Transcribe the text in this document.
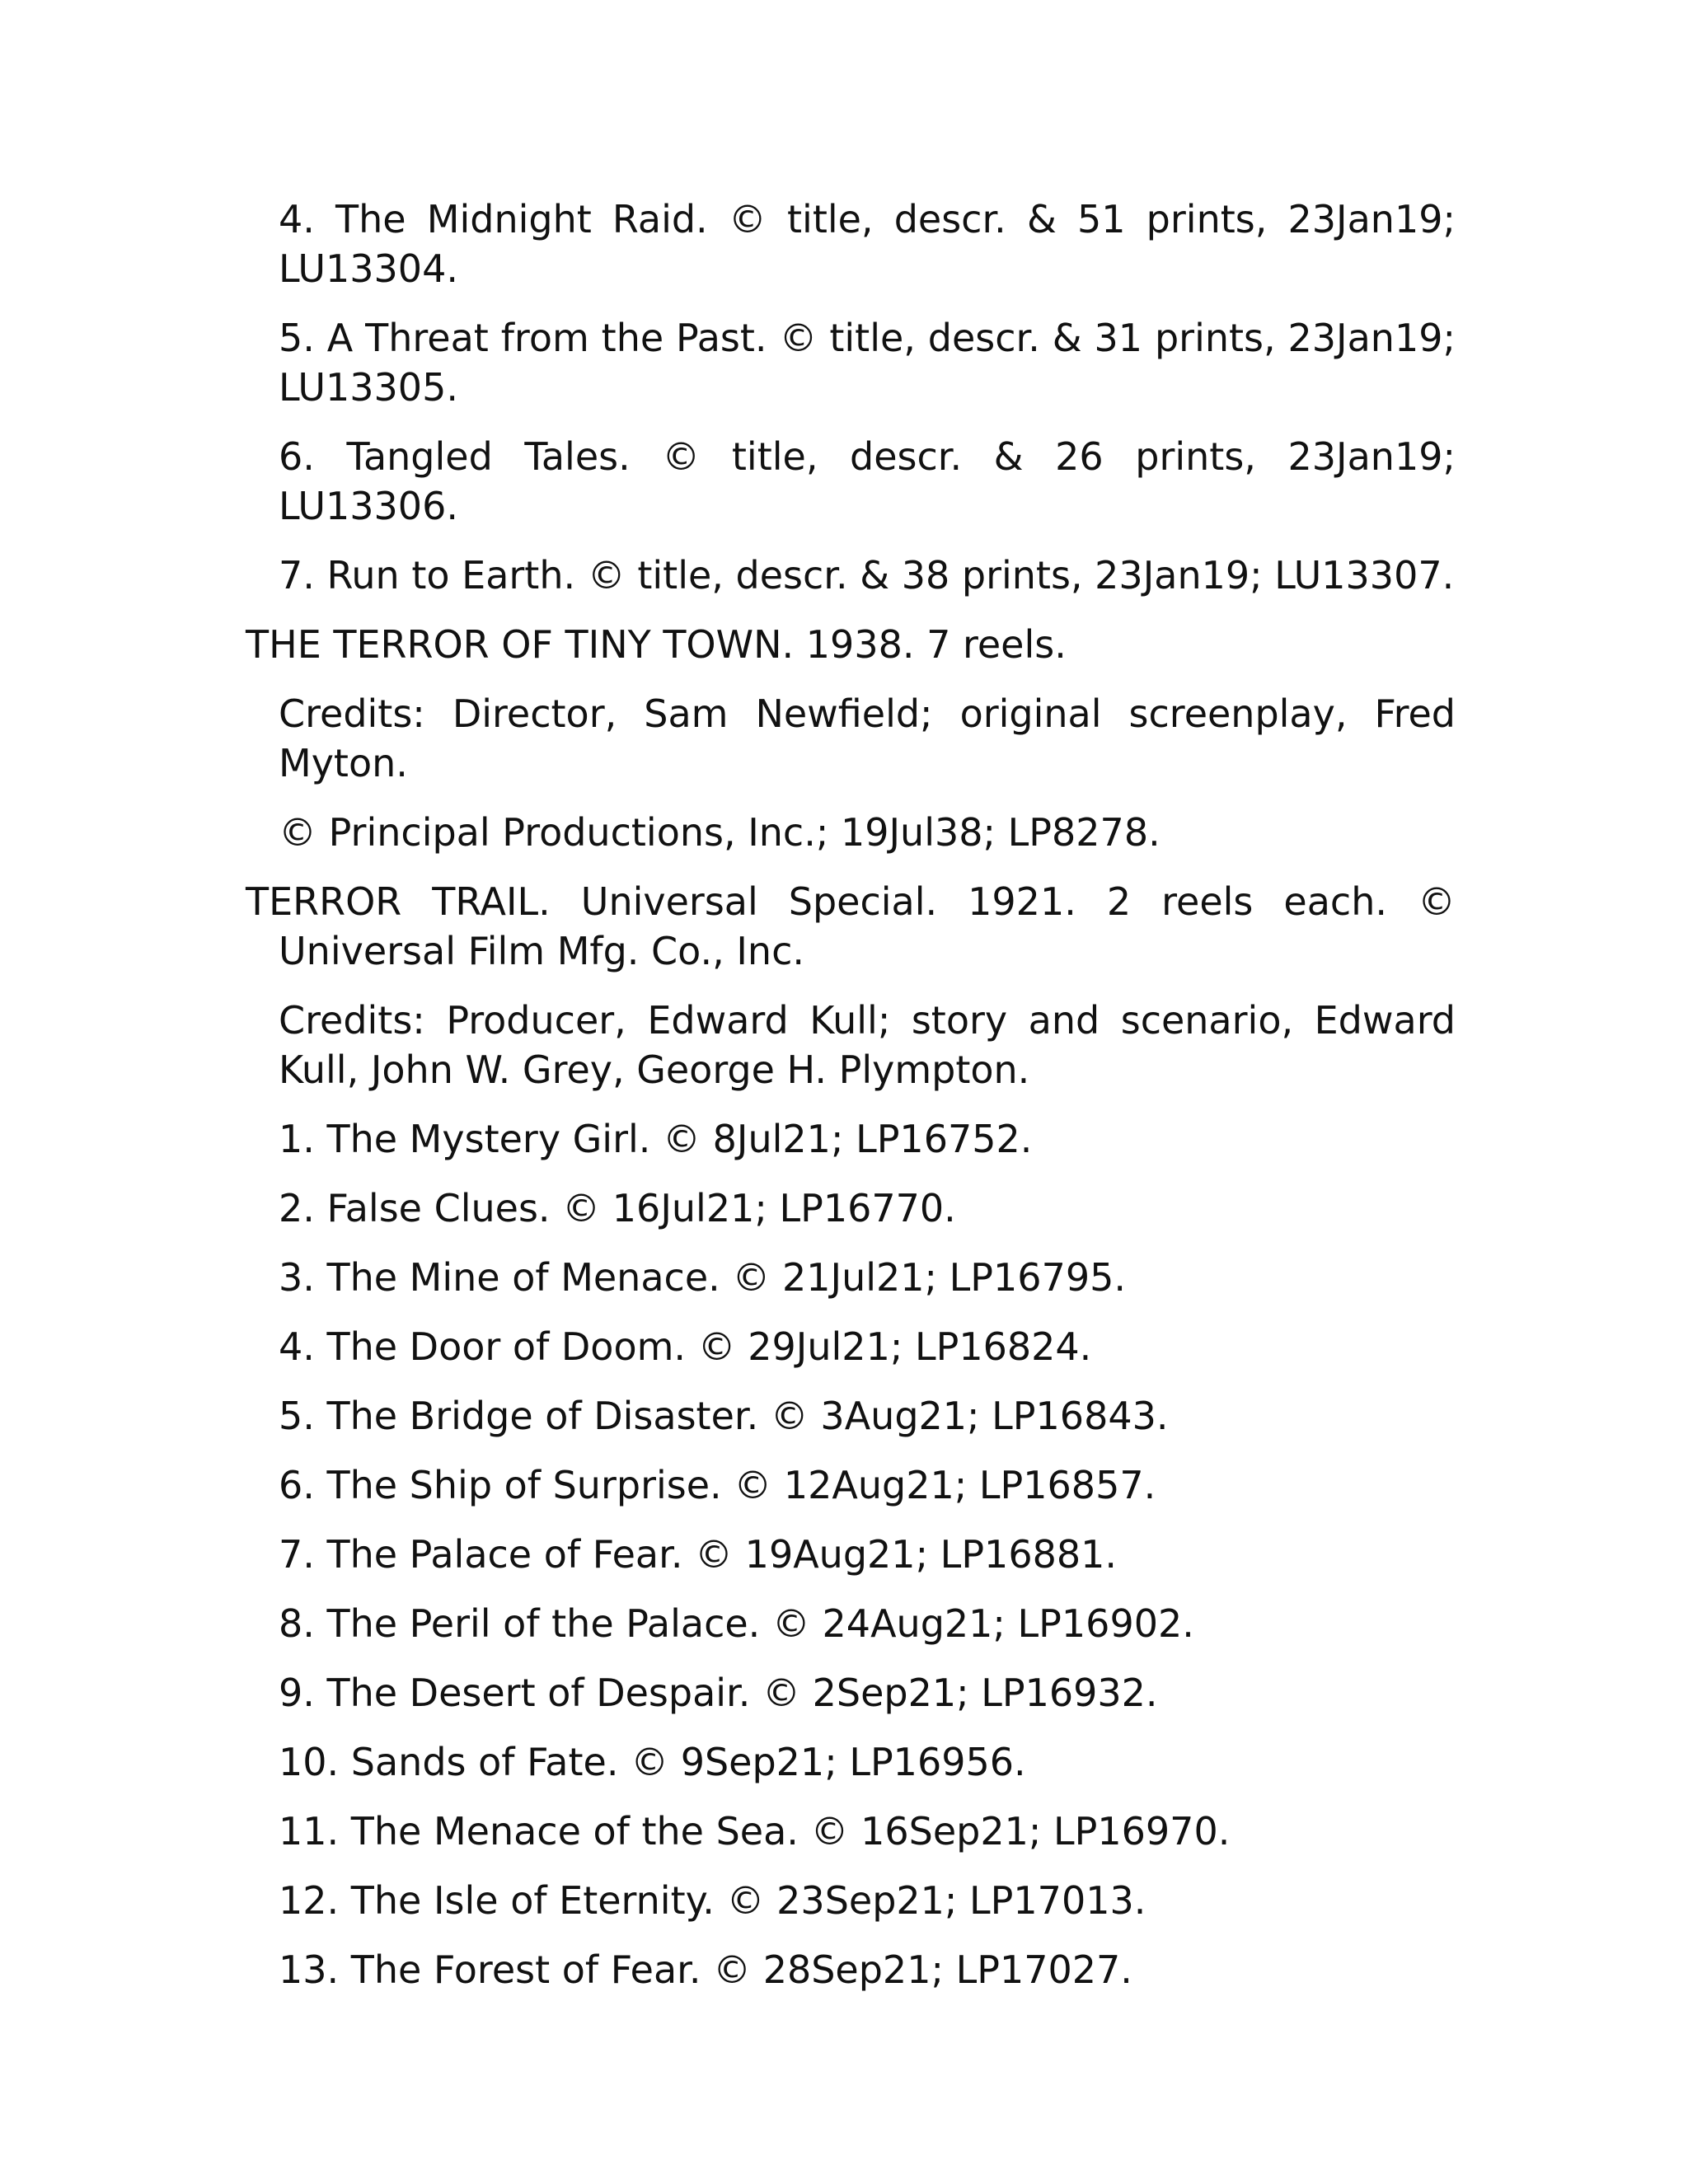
4. The Midnight Raid. © title, descr. & 51 prints, 23Jan19; LU13304.

5. A Threat from the Past. © title, descr. & 31 prints, 23Jan19; LU13305.

6. Tangled Tales. © title, descr. & 26 prints, 23Jan19; LU13306.

7. Run to Earth. © title, descr. & 38 prints, 23Jan19; LU13307.

THE TERROR OF TINY TOWN. 1938. 7 reels.

Credits: Director, Sam Newfield; original screenplay, Fred Myton.

© Principal Productions, Inc.; 19Jul38; LP8278.

TERROR TRAIL. Universal Special. 1921. 2 reels each. © Universal Film Mfg. Co., Inc.

Credits: Producer, Edward Kull; story and scenario, Edward Kull, John W. Grey, George H. Plympton.

1. The Mystery Girl. © 8Jul21; LP16752.

2. False Clues. © 16Jul21; LP16770.

3. The Mine of Menace. © 21Jul21; LP16795.

4. The Door of Doom. © 29Jul21; LP16824.

5. The Bridge of Disaster. © 3Aug21; LP16843.

6. The Ship of Surprise. © 12Aug21; LP16857.

7. The Palace of Fear. © 19Aug21; LP16881.

8. The Peril of the Palace. © 24Aug21; LP16902.

9. The Desert of Despair. © 2Sep21; LP16932.

10. Sands of Fate. © 9Sep21; LP16956.

11. The Menace of the Sea. © 16Sep21; LP16970.

12. The Isle of Eternity. © 23Sep21; LP17013.

13. The Forest of Fear. © 28Sep21; LP17027.
